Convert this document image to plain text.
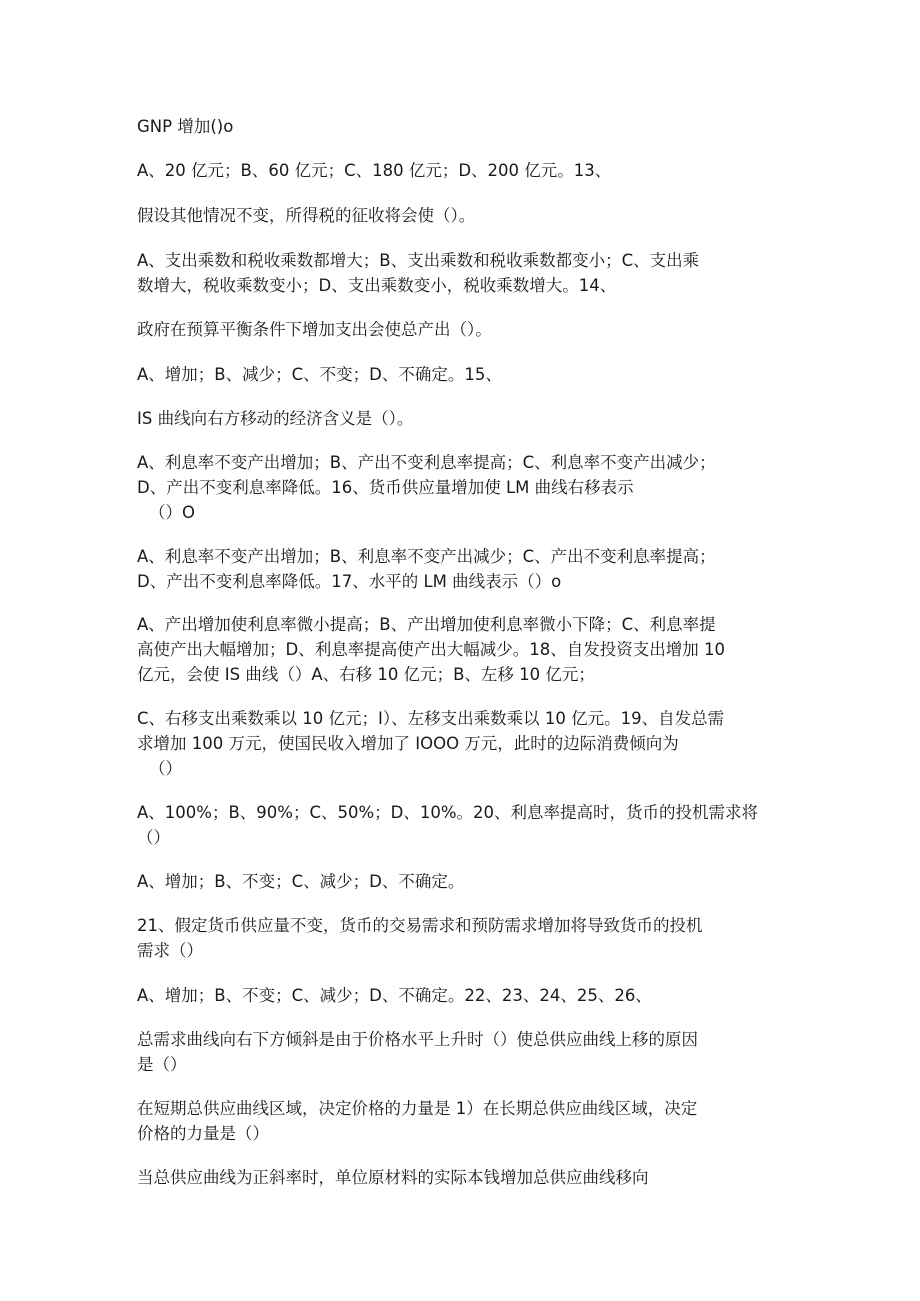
GNP 增加()o
A、20 亿元；B、60 亿元；C、180 亿元；D、200 亿元。13、
假设其他情况不变，所得税的征收将会使（）。
A、支出乘数和税收乘数都增大；B、支出乘数和税收乘数都变小；C、支出乘
数增大，税收乘数变小；D、支出乘数变小，税收乘数增大。14、
政府在预算平衡条件下增加支出会使总产出（）。
A、增加；B、减少；C、不变；D、不确定。15、
IS 曲线向右方移动的经济含义是（）。
A、利息率不变产出增加；B、产出不变利息率提高；C、利息率不变产出减少；
D、产出不变利息率降低。16、货币供应量增加使 LM 曲线右移表示
（）O
A、利息率不变产出增加；B、利息率不变产出减少；C、产出不变利息率提高；
D、产出不变利息率降低。17、水平的 LM 曲线表示（）o
A、产出增加使利息率微小提高；B、产出增加使利息率微小下降；C、利息率提
高使产出大幅增加；D、利息率提高使产出大幅减少。18、自发投资支出增加 10
亿元，会使 IS 曲线（）A、右移 10 亿元；B、左移 10 亿元；
C、右移支出乘数乘以 10 亿元；I）、左移支出乘数乘以 10 亿元。19、自发总需
求增加 100 万元，使国民收入增加了 IOOO 万元，此时的边际消费倾向为
（）
A、100%；B、90%；C、50%；D、10%。20、利息率提高时，货币的投机需求将
（）
A、增加；B、不变；C、减少；D、不确定。
21、假定货币供应量不变，货币的交易需求和预防需求增加将导致货币的投机
需求（）
A、增加；B、不变；C、减少；D、不确定。22、23、24、25、26、
总需求曲线向右下方倾斜是由于价格水平上升时（）使总供应曲线上移的原因
是（）
在短期总供应曲线区域，决定价格的力量是 1）在长期总供应曲线区域，决定
价格的力量是（）
当总供应曲线为正斜率时，单位原材料的实际本钱增加总供应曲线移向
